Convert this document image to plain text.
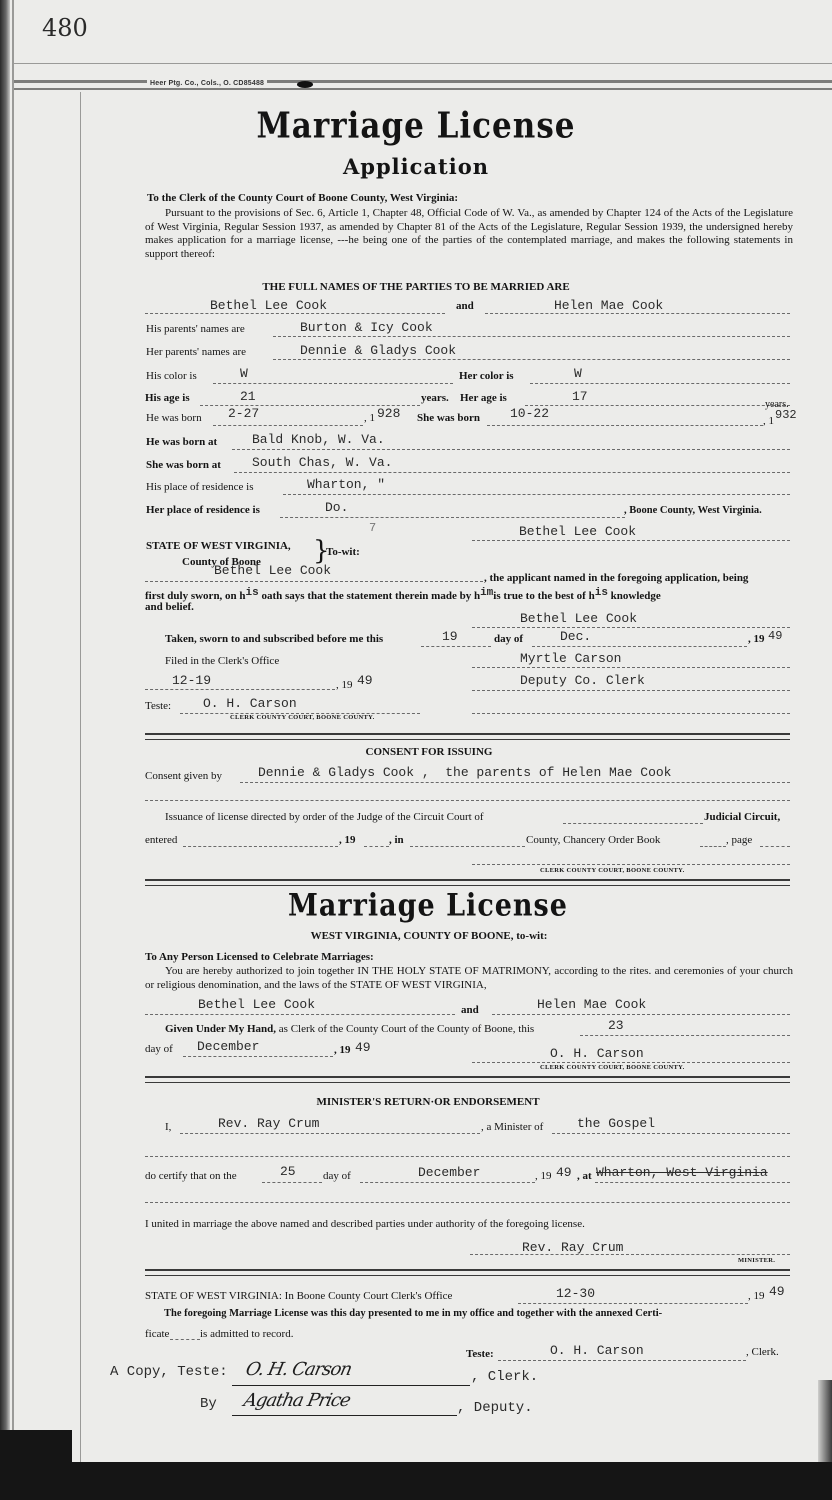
480
Heer Ptg. Co., Cols., O. CD85488
Marriage License
Application
To the Clerk of the County Court of Boone County, West Virginia:
Pursuant to the provisions of Sec. 6, Article 1, Chapter 48, Official Code of W. Va., as amended by Chapter 124 of the Acts of the Legislature of West Virginia, Regular Session 1937, as amended by Chapter 81 of the Acts of the Legislature, Regular Session 1939, the undersigned hereby makes application for a marriage license, ---he being one of the parties of the contemplated marriage, and makes the following statements in support thereof:
THE FULL NAMES OF THE PARTIES TO BE MARRIED ARE
Bethel Lee Cook	and	Helen Mae Cook
His parents' names are	Burton & Icy Cook
Her parents' names are	Dennie & Gladys Cook
His color is	W	Her color is	W
His age is	21	years. Her age is	17
years.
He was born 2-27	, 1 928 She was born 10-22	, 1 932
He was born at	Bald Knob, W. Va.
She was born at South Chas, W. Va.
His place of residence is	Wharton, "
Her place of residence is	Do.	, Boone County, West Virginia.
7	Bethel Lee Cook
STATE OF WEST VIRGINIA,
County of Boone }
To-wit:
Bethel Lee Cook	, the applicant named in the foregoing application, being
first duly sworn, on his oath says that the statement therein made by himis true to the best of his knowledge
and belief.
Bethel Lee Cook
Taken, sworn to and subscribed before me this	19	day of	Dec.	, 19 49
Filed in the Clerk's Office	Myrtle Carson
12-19	, 19 49	Deputy Co. Clerk
Teste: O. H. Carson
CLERK COUNTY COURT, BOONE COUNTY.
CONSENT FOR ISSUING
Consent given by	Dennie & Gladys Cook ,  the parents of Helen Mae Cook
Issuance of license directed by order of the Judge of the Circuit Court of	Judicial Circuit,
entered	, 19	, in	County, Chancery Order Book	, page
CLERK COUNTY COURT, BOONE COUNTY.
Marriage License
WEST VIRGINIA, COUNTY OF BOONE, to-wit:
To Any Person Licensed to Celebrate Marriages:
You are hereby authorized to join together IN THE HOLY STATE OF MATRIMONY, according to the rites. and ceremonies of your church or religious denomination, and the laws of the STATE OF WEST VIRGINIA,
Bethel Lee Cook	and	Helen Mae Cook
Given Under My Hand, as Clerk of the County Court of the County of Boone, this	23
day of December	, 19 49	O. H. Carson
CLERK COUNTY COURT, BOONE COUNTY.
MINISTER'S RETURN·OR ENDORSEMENT
I,	Rev. Ray Crum	, a Minister of	the Gospel
do certify that on the	25 day of	December	, 19 49 , at Wharton, West Virginia
I united in marriage the above named and described parties under authority of the foregoing license.
Rev. Ray Crum
MINISTER.
STATE OF WEST VIRGINIA: In Boone County Court Clerk's Office	12-30	, 19 49
The foregoing Marriage License was this day presented to me in my office and together with the annexed Certi-
ficate	is admitted to record.
Teste:	O. H. Carson	, Clerk.
A Copy, Teste: O. H. Carson	, Clerk.
By Agatha Price	, Deputy.
